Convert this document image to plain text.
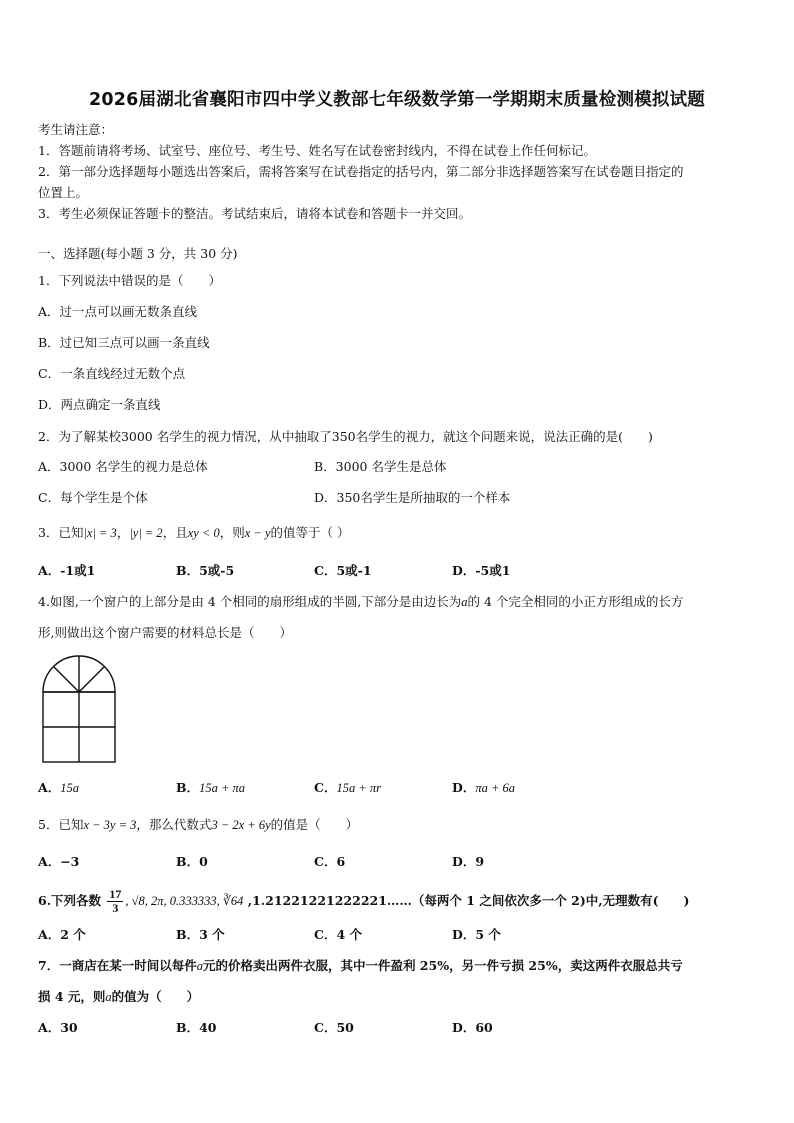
2026届湖北省襄阳市四中学义教部七年级数学第一学期期末质量检测模拟试题
考生请注意：
1．答题前请将考场、试室号、座位号、考生号、姓名写在试卷密封线内，不得在试卷上作任何标记。
2．第一部分选择题每小题选出答案后，需将答案写在试卷指定的括号内，第二部分非选择题答案写在试卷题目指定的
位置上。
3．考生必须保证答题卡的整洁。考试结束后，请将本试卷和答题卡一并交回。
一、选择题(每小题 3 分，共 30 分)
1．下列说法中错误的是（　　）
A．过一点可以画无数条直线
B．过已知三点可以画一条直线
C．一条直线经过无数个点
D．两点确定一条直线
2．为了解某校3000 名学生的视力情况，从中抽取了350名学生的视力，就这个问题来说，说法正确的是(　　)
A．3000 名学生的视力是总体	B．3000 名学生是总体
C．每个学生是个体	D．350名学生是所抽取的一个样本
3．已知|x| = 3，|y| = 2，且xy < 0，则x − y的值等于（ ）
A．-1或1	B．5或-5	C．5或-1	D．-5或1
4.如图,一个窗户的上部分是由 4 个相同的扇形组成的半圆,下部分是由边长为a的 4 个完全相同的小正方形组成的长方
形,则做出这个窗户需要的材料总长是（　　）
A．15a	B．15a + πa	C．15a + πr	D．πa + 6a
5．已知x − 3y = 3，那么代数式3 − 2x + 6y的值是（　　）
A．−3	B．0	C．6	D．9
6.下列各数 $\frac{17}{3}$ , √8, 2π, 0.333333, ∛64 ,1.21221221222221……（每两个 1 之间依次多一个 2)中,无理数有(　　)
A．2 个	B．3 个	C．4 个	D．5 个
7．一商店在某一时间以每件a元的价格卖出两件衣服，其中一件盈利 25%，另一件亏损 25%，卖这两件衣服总共亏
损 4 元，则a的值为（　　）
A．30	B．40	C．50	D．60
